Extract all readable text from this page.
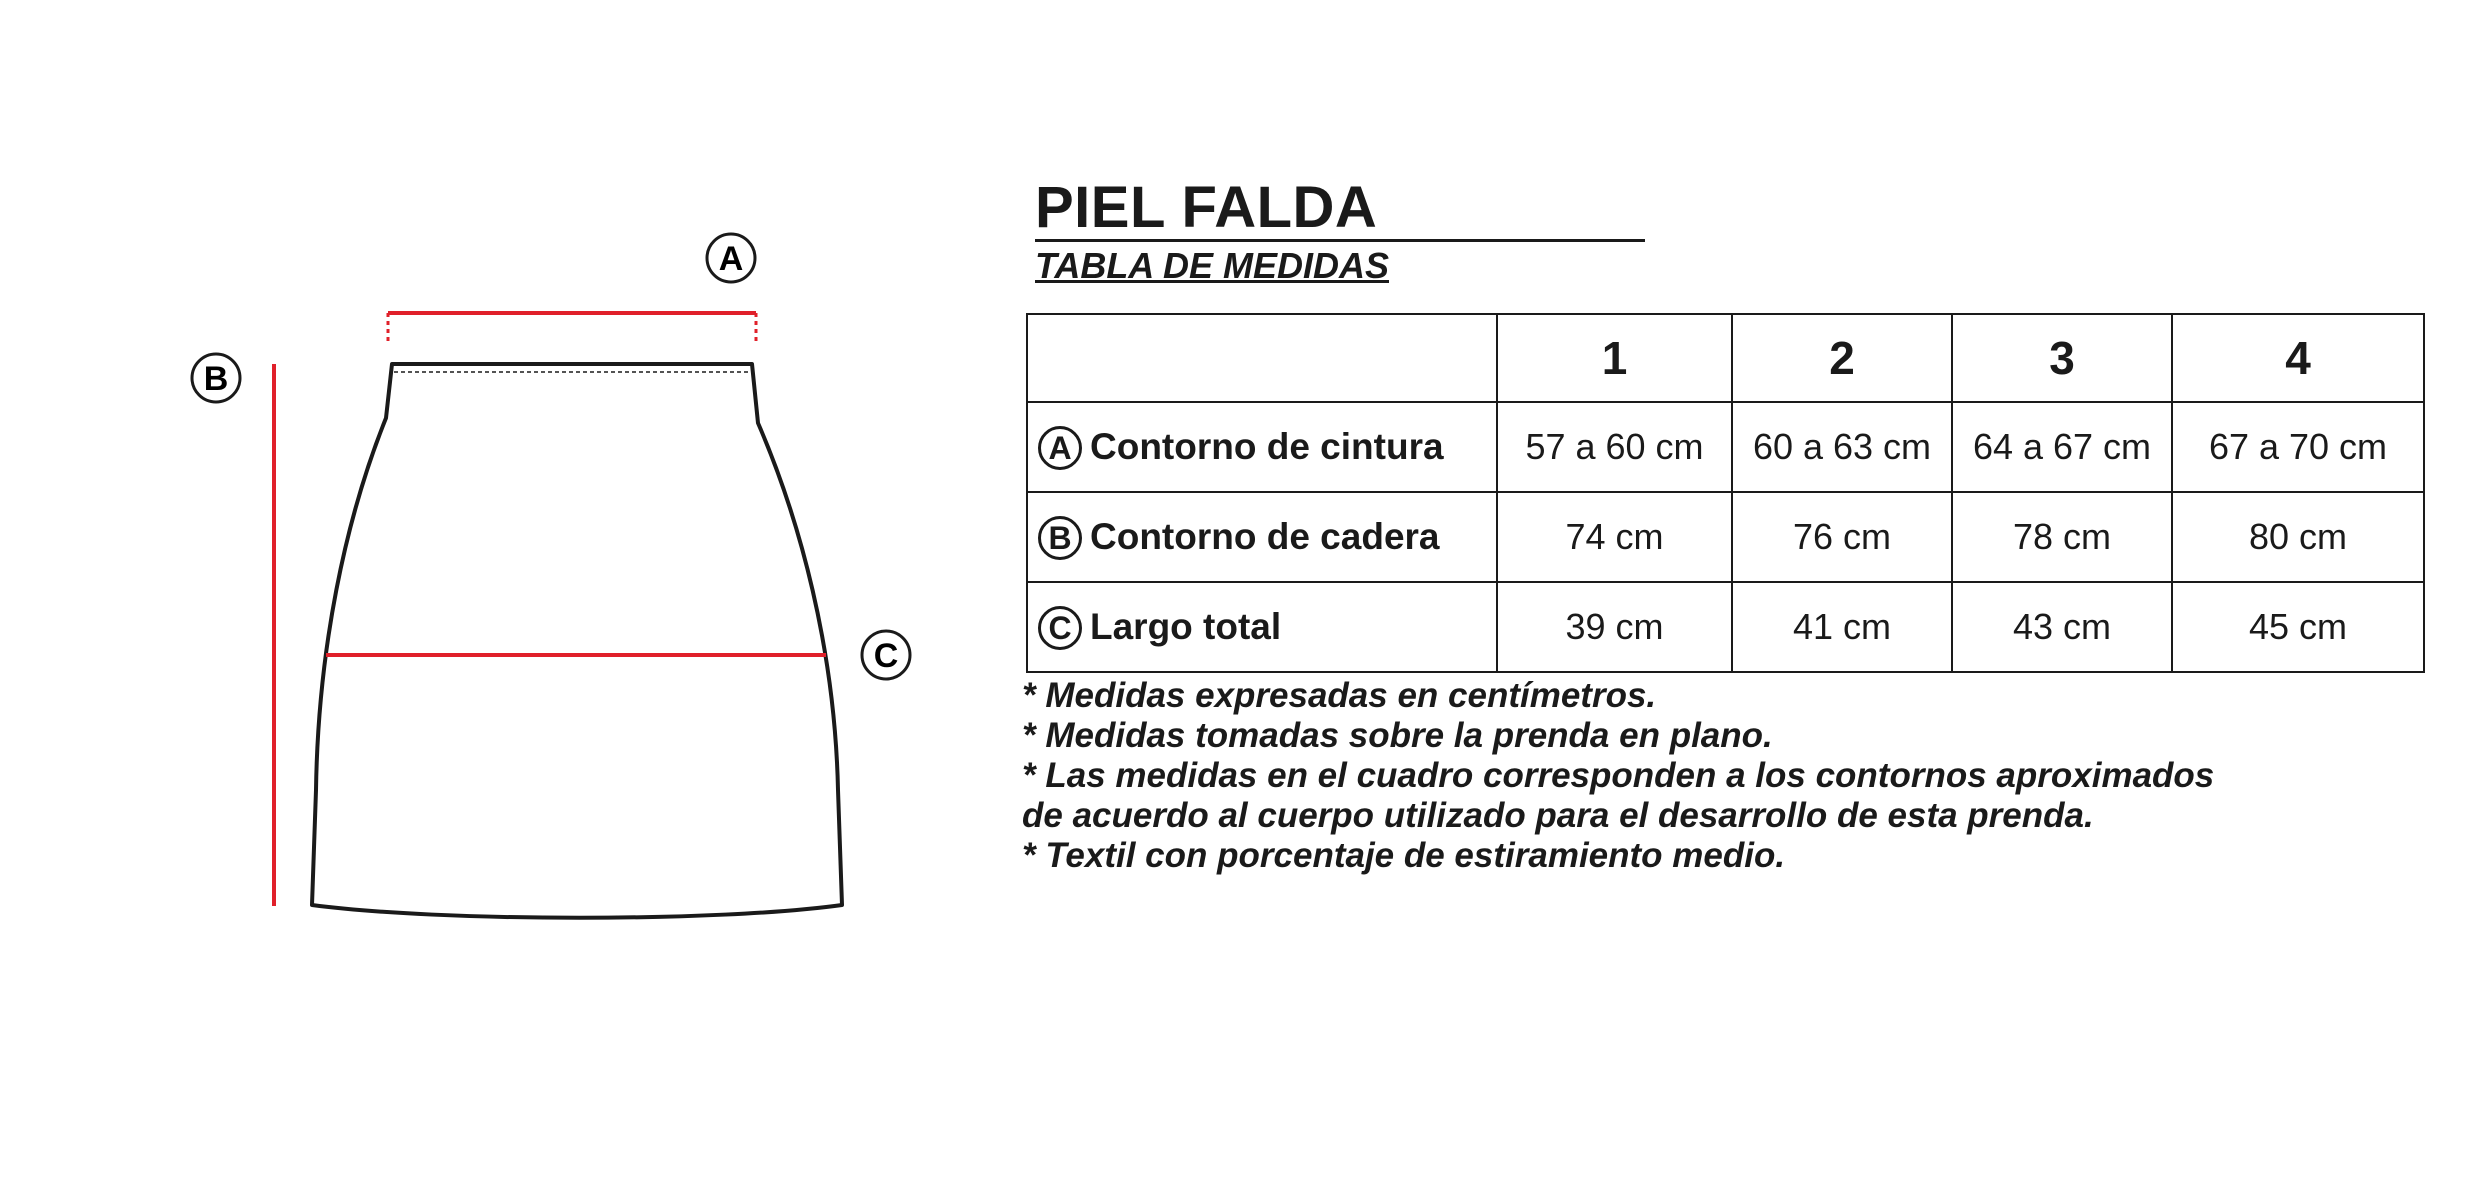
A
B
C
PIEL FALDA
TABLA DE MEDIDAS
	1	2	3	4
A Contorno de cintura	57 a 60 cm	60 a 63 cm	64 a 67 cm	67 a 70 cm
B Contorno de cadera	74 cm	76 cm	78 cm	80 cm
C Largo total	39 cm	41 cm	43 cm	45 cm
* Medidas expresadas en centímetros.
* Medidas tomadas sobre la prenda en plano.
* Las medidas en el cuadro corresponden a los contornos aproximados de acuerdo al cuerpo utilizado para el desarrollo de esta prenda.
* Textil con porcentaje de estiramiento medio.
